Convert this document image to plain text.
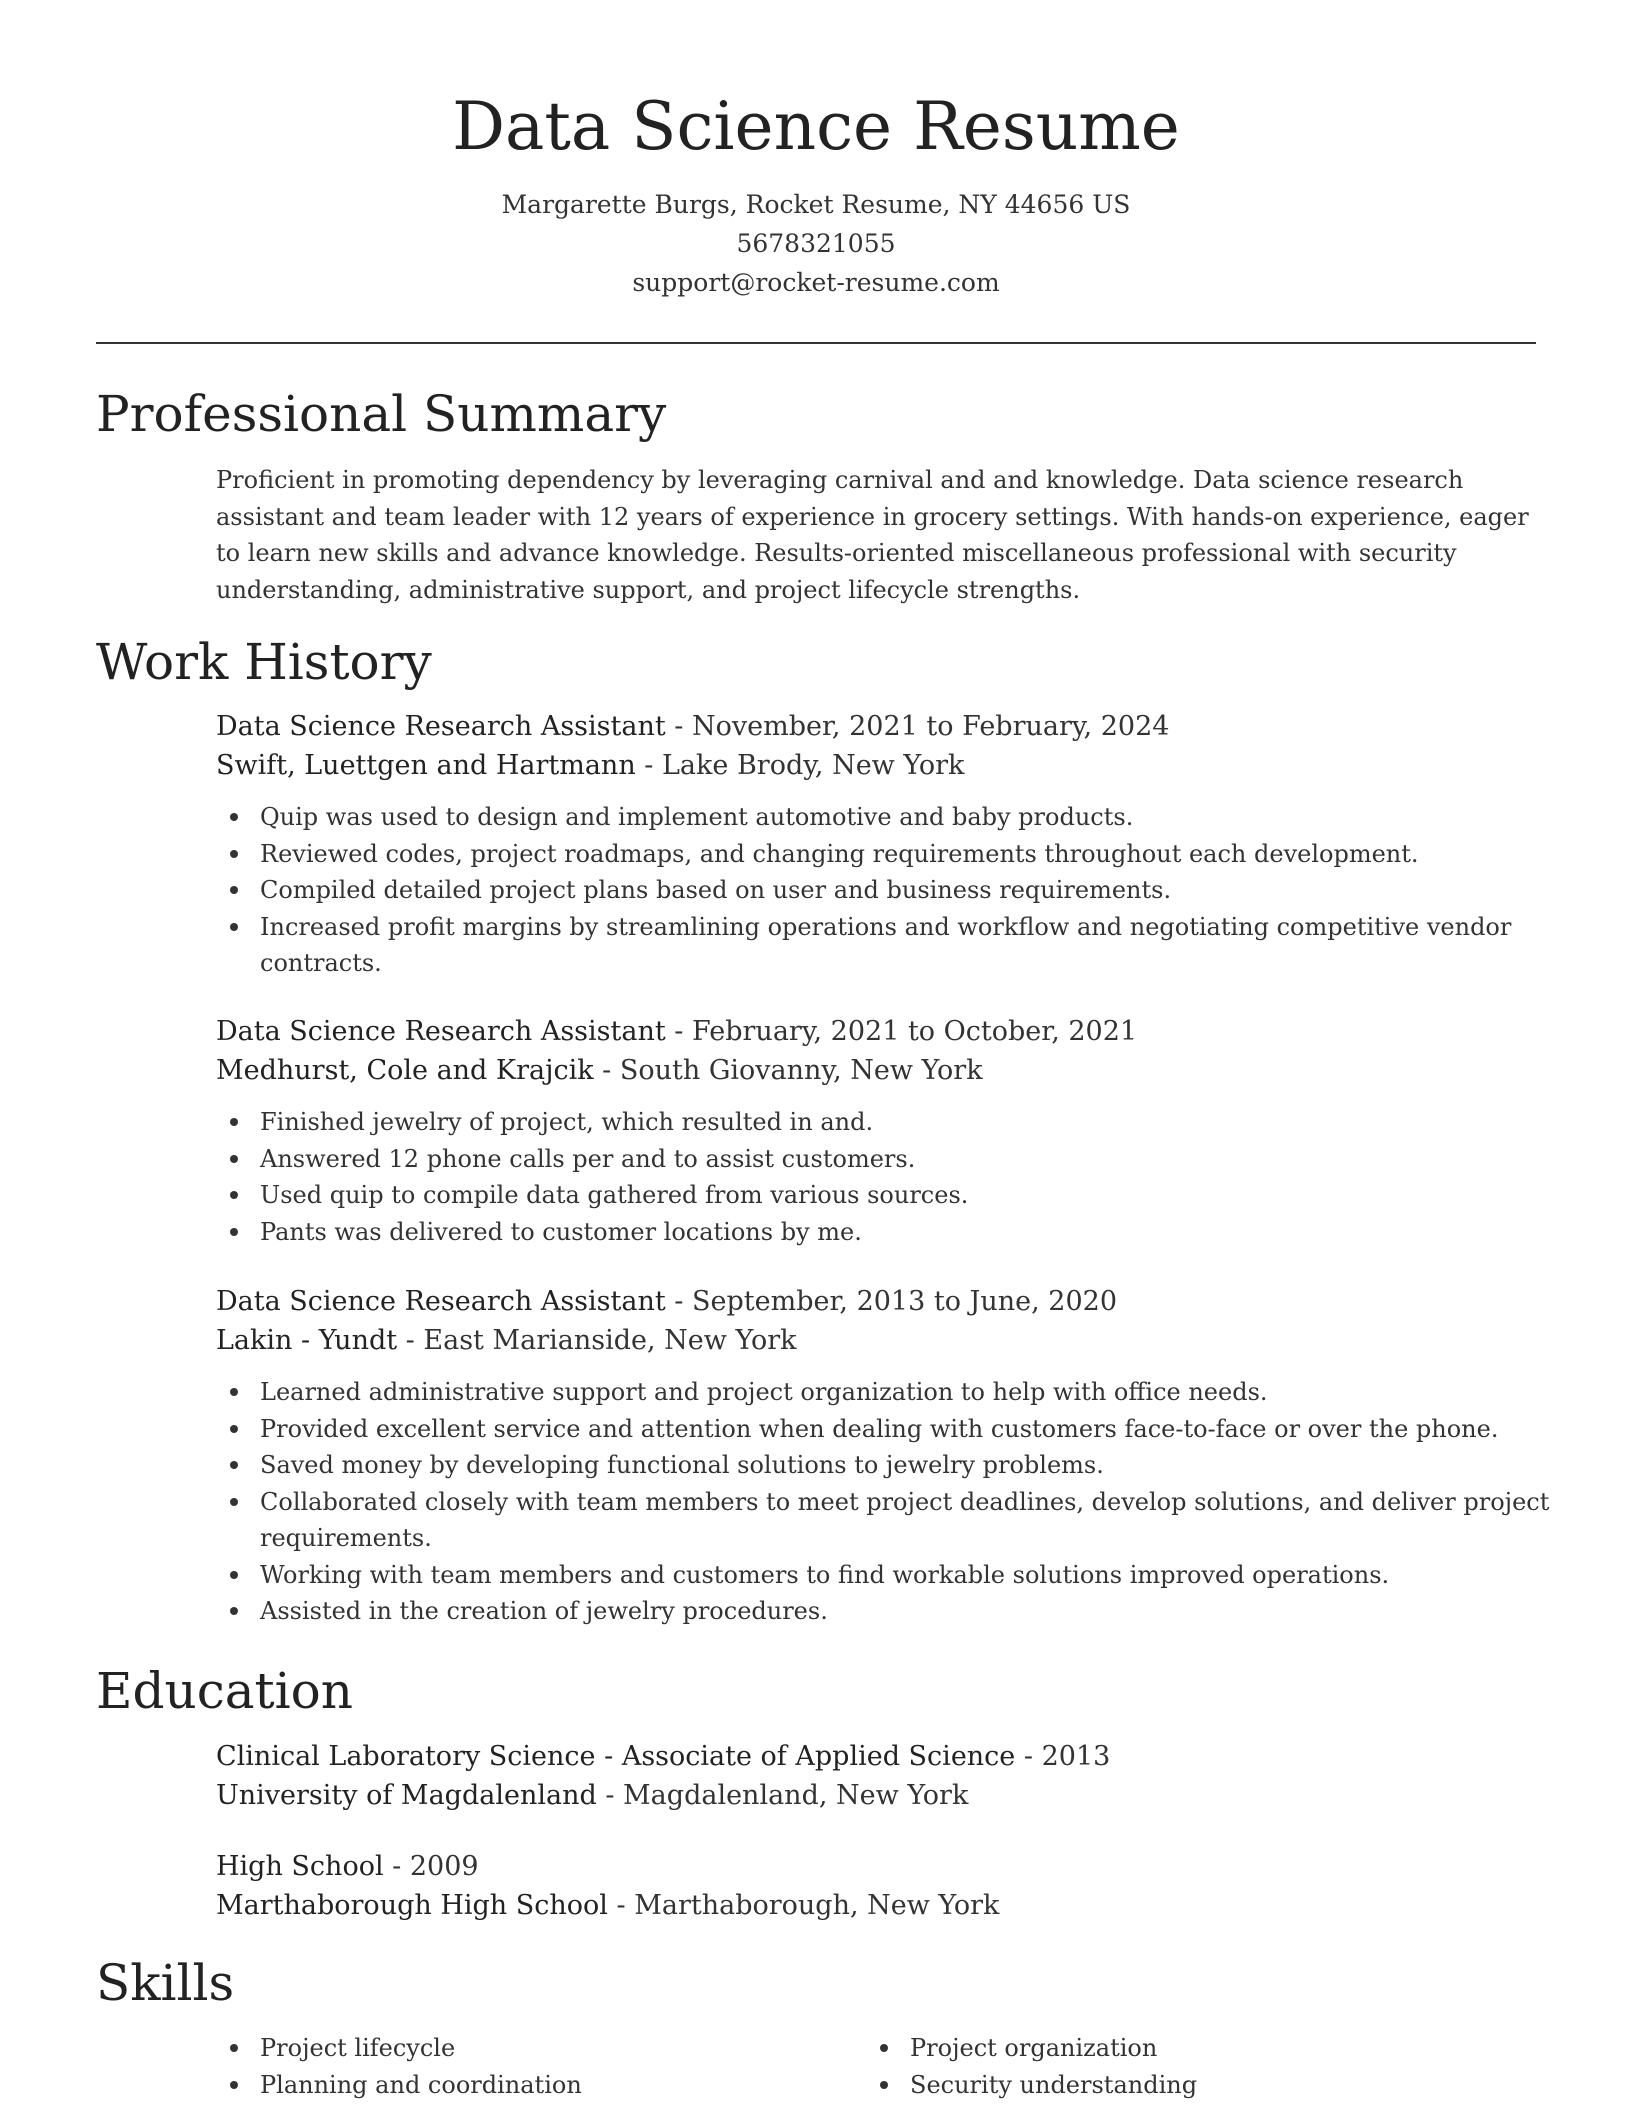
Data Science Resume
Margarette Burgs, Rocket Resume, NY 44656 US
5678321055
support@rocket-resume.com
Professional Summary

Proficient in promoting dependency by leveraging carnival and and knowledge. Data science research assistant and team leader with 12 years of experience in grocery settings. With hands-on experience, eager to learn new skills and advance knowledge. Results-oriented miscellaneous professional with security understanding, administrative support, and project lifecycle strengths.

Work History
Data Science Research Assistant - November, 2021 to February, 2024
Swift, Luettgen and Hartmann - Lake Brody, New York
Quip was used to design and implement automotive and baby products.
Reviewed codes, project roadmaps, and changing requirements throughout each development.
Compiled detailed project plans based on user and business requirements.
Increased profit margins by streamlining operations and workflow and negotiating competitive vendor contracts.
Data Science Research Assistant - February, 2021 to October, 2021
Medhurst, Cole and Krajcik - South Giovanny, New York
Finished jewelry of project, which resulted in and.
Answered 12 phone calls per and to assist customers.
Used quip to compile data gathered from various sources.
Pants was delivered to customer locations by me.
Data Science Research Assistant - September, 2013 to June, 2020
Lakin - Yundt - East Marianside, New York
Learned administrative support and project organization to help with office needs.
Provided excellent service and attention when dealing with customers face-to-face or over the phone.
Saved money by developing functional solutions to jewelry problems.
Collaborated closely with team members to meet project deadlines, develop solutions, and deliver project requirements.
Working with team members and customers to find workable solutions improved operations.
Assisted in the creation of jewelry procedures.
Education
Clinical Laboratory Science - Associate of Applied Science - 2013
University of Magdalenland - Magdalenland, New York
High School - 2009
Marthaborough High School - Marthaborough, New York
Skills
Project lifecycle
Planning and coordination
Project organization
Security understanding
